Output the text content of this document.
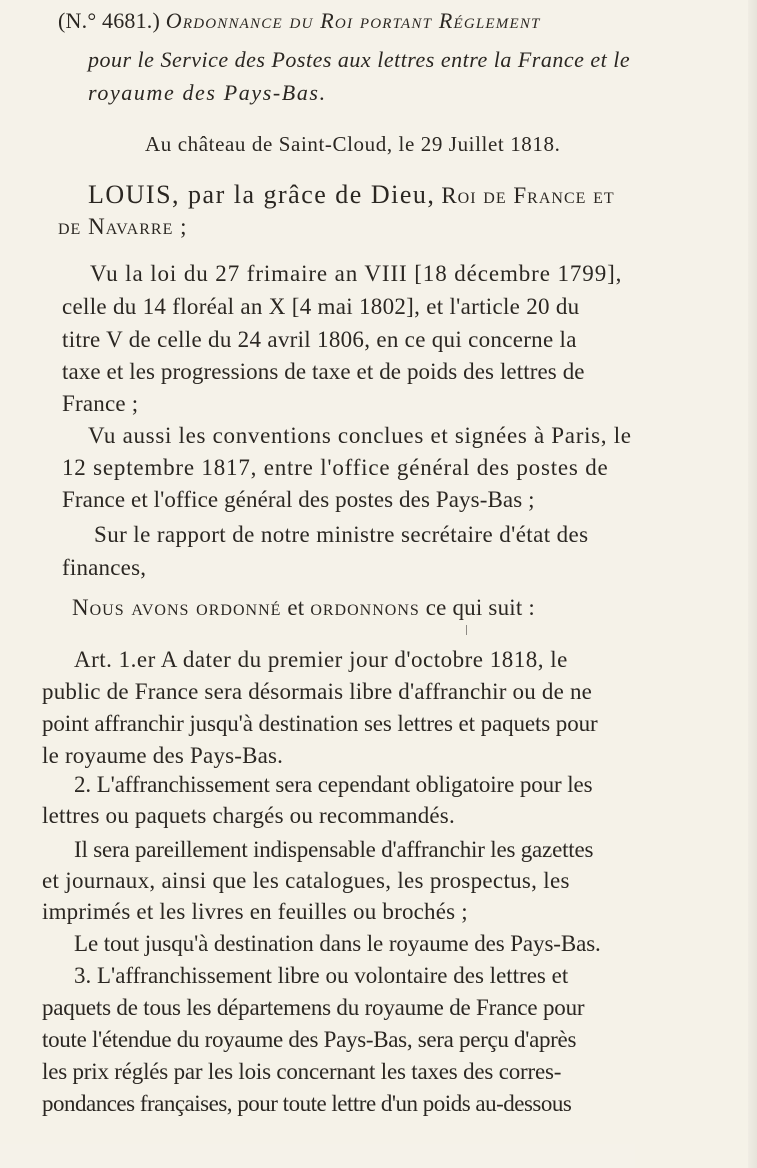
(N.° 4681.) Ordonnance du Roi portant Réglement
pour le Service des Postes aux lettres entre la France et le
royaume des Pays-Bas.
Au château de Saint-Cloud, le 29 Juillet 1818.
LOUIS, par la grâce de Dieu, Roi de France et
de Navarre ;
Vu la loi du 27 frimaire an VIII [18 décembre 1799],
celle du 14 floréal an X [4 mai 1802], et l'article 20 du
titre V de celle du 24 avril 1806, en ce qui concerne la
taxe et les progressions de taxe et de poids des lettres de
France ;
Vu aussi les conventions conclues et signées à Paris, le
12 septembre 1817, entre l'office général des postes de
France et l'office général des postes des Pays-Bas ;
Sur le rapport de notre ministre secrétaire d'état des
finances,
Nous avons ordonné et ordonnons ce qui suit :
Art. 1.er A dater du premier jour d'octobre 1818, le
public de France sera désormais libre d'affranchir ou de ne
point affranchir jusqu'à destination ses lettres et paquets pour
le royaume des Pays-Bas.
2. L'affranchissement sera cependant obligatoire pour les
lettres ou paquets chargés ou recommandés.
Il sera pareillement indispensable d'affranchir les gazettes
et journaux, ainsi que les catalogues, les prospectus, les
imprimés et les livres en feuilles ou brochés ;
Le tout jusqu'à destination dans le royaume des Pays-Bas.
3. L'affranchissement libre ou volontaire des lettres et
paquets de tous les départemens du royaume de France pour
toute l'étendue du royaume des Pays-Bas, sera perçu d'après
les prix réglés par les lois concernant les taxes des corres-
pondances françaises, pour toute lettre d'un poids au-dessous
